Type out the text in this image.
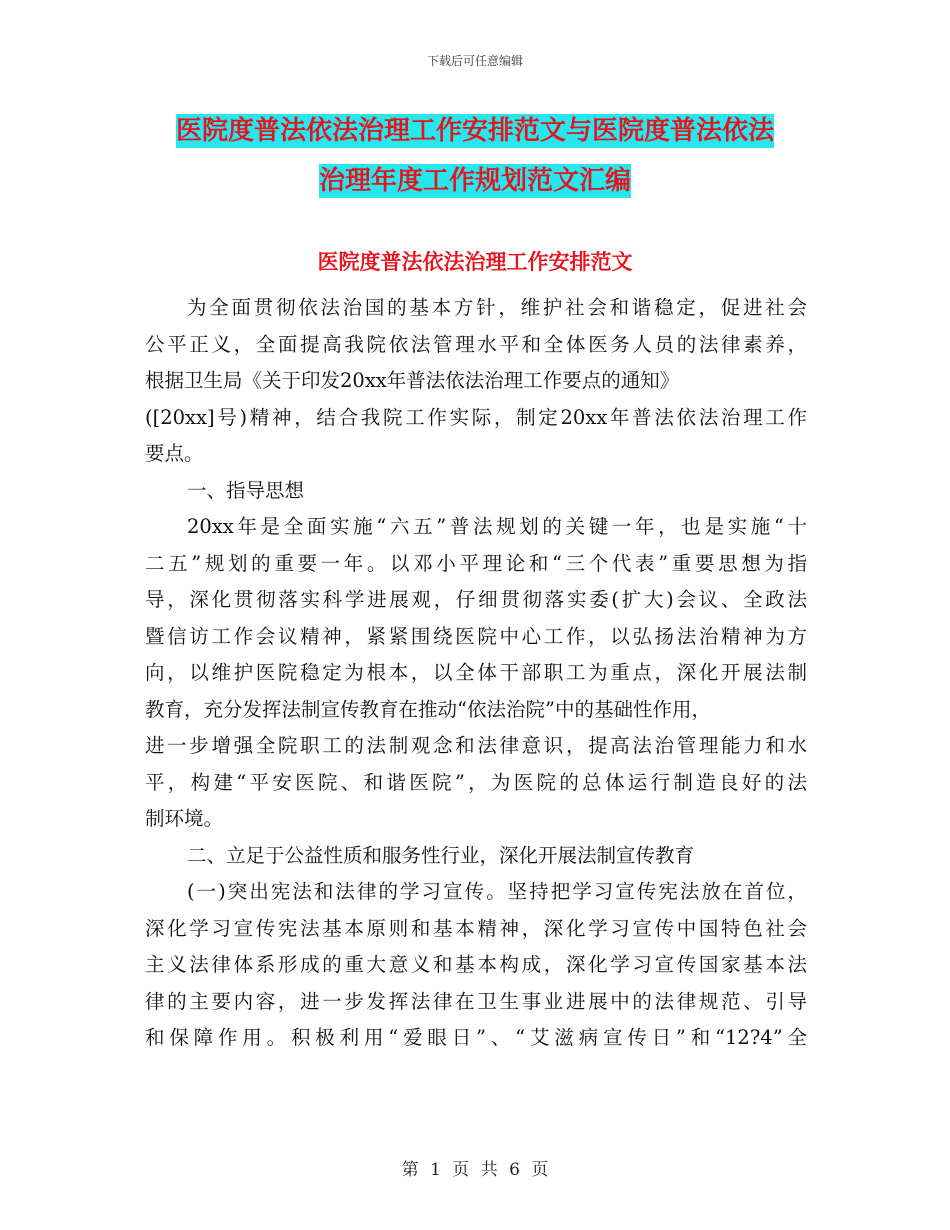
下载后可任意编辑
医院度普法依法治理工作安排范文与医院度普法依法
治理年度工作规划范文汇编
医院度普法依法治理工作安排范文
为全面贯彻依法治国的基本方针，维护社会和谐稳定，促进社会
公平正义，全面提高我院依法管理水平和全体医务人员的法律素养，
根据卫生局《关于印发20xx年普法依法治理工作要点的通知》
([20xx]号)精神，结合我院工作实际，制定20xx年普法依法治理工作
要点。
一、指导思想
20xx年是全面实施“六五”普法规划的关键一年，也是实施“十
二五”规划的重要一年。以邓小平理论和“三个代表”重要思想为指
导，深化贯彻落实科学进展观，仔细贯彻落实委(扩大)会议、全政法
暨信访工作会议精神，紧紧围绕医院中心工作，以弘扬法治精神为方
向，以维护医院稳定为根本，以全体干部职工为重点，深化开展法制
教育，充分发挥法制宣传教育在推动“依法治院”中的基础性作用，
进一步增强全院职工的法制观念和法律意识，提高法治管理能力和水
平，构建“平安医院、和谐医院”，为医院的总体运行制造良好的法
制环境。
二、立足于公益性质和服务性行业，深化开展法制宣传教育
(一)突出宪法和法律的学习宣传。坚持把学习宣传宪法放在首位，
深化学习宣传宪法基本原则和基本精神，深化学习宣传中国特色社会
主义法律体系形成的重大意义和基本构成，深化学习宣传国家基本法
律的主要内容，进一步发挥法律在卫生事业进展中的法律规范、引导
和保障作用。积极利用“爱眼日”、“艾滋病宣传日”和“12?4”全
第 1 页 共 6 页
